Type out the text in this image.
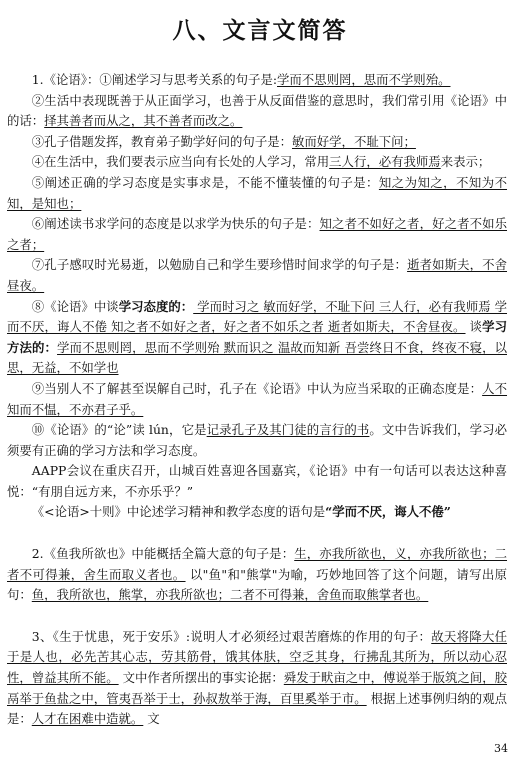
八、文言文简答

1.《论语》：①阐述学习与思考关系的句子是:学而不思则罔，思而不学则殆。

②生活中表现既善于从正面学习，也善于从反面借鉴的意思时，我们常引用《论语》中的话：择其善者而从之，其不善者而改之。

③孔子借题发挥，教育弟子勤学好问的句子是：敏而好学，不耻下问；

④在生活中，我们要表示应当向有长处的人学习，常用三人行，必有我师焉来表示；

⑤阐述正确的学习态度是实事求是，不能不懂装懂的句子是：知之为知之，不知为不知，是知也；

⑥阐述读书求学问的态度是以求学为快乐的句子是：知之者不如好之者，好之者不如乐之者；

⑦孔子感叹时光易逝，以勉励自己和学生要珍惜时间求学的句子是：逝者如斯夫，不舍昼夜。

⑧《论语》中谈学习态度的： 学而时习之 敏而好学，不耻下问 三人行，必有我师焉 学而不厌，诲人不倦 知之者不如好之者，好之者不如乐之者 逝者如斯夫，不舍昼夜。 谈学习方法的：学而不思则罔，思而不学则殆 默而识之 温故而知新 吾尝终日不食，终夜不寝，以思，无益，不如学也

⑨当别人不了解甚至误解自己时，孔子在《论语》中认为应当采取的正确态度是：人不知而不愠，不亦君子乎。

⑩《论语》的“论”读 lún，它是记录孔子及其门徒的言行的书。文中告诉我们，学习必须要有正确的学习方法和学习态度。

AAPP会议在重庆召开，山城百姓喜迎各国嘉宾，《论语》中有一句话可以表达这种喜悦：“有朋自远方来，不亦乐乎？”

《<论语>十则》中论述学习精神和教学态度的语句是“学而不厌，诲人不倦”

2.《鱼我所欲也》中能概括全篇大意的句子是：生，亦我所欲也，义，亦我所欲也；二者不可得兼，舍生而取义者也。 以"鱼"和"熊掌"为喻，巧妙地回答了这个问题，请写出原句：鱼，我所欲也，熊掌，亦我所欲也；二者不可得兼，舍鱼而取熊掌者也。

3、《生于忧患，死于安乐》:说明人才必须经过艰苦磨炼的作用的句子：故天将降大任于是人也，必先苦其心志，劳其筋骨，饿其体肤，空乏其身，行拂乱其所为，所以动心忍性，曾益其所不能。 文中作者所摆出的事实论据：舜发于畎亩之中，傅说举于版筑之间，胶鬲举于鱼盐之中，管夷吾举于士，孙叔敖举于海，百里奚举于市。 根据上述事例归纳的观点是：人才在困难中造就。 文

34
